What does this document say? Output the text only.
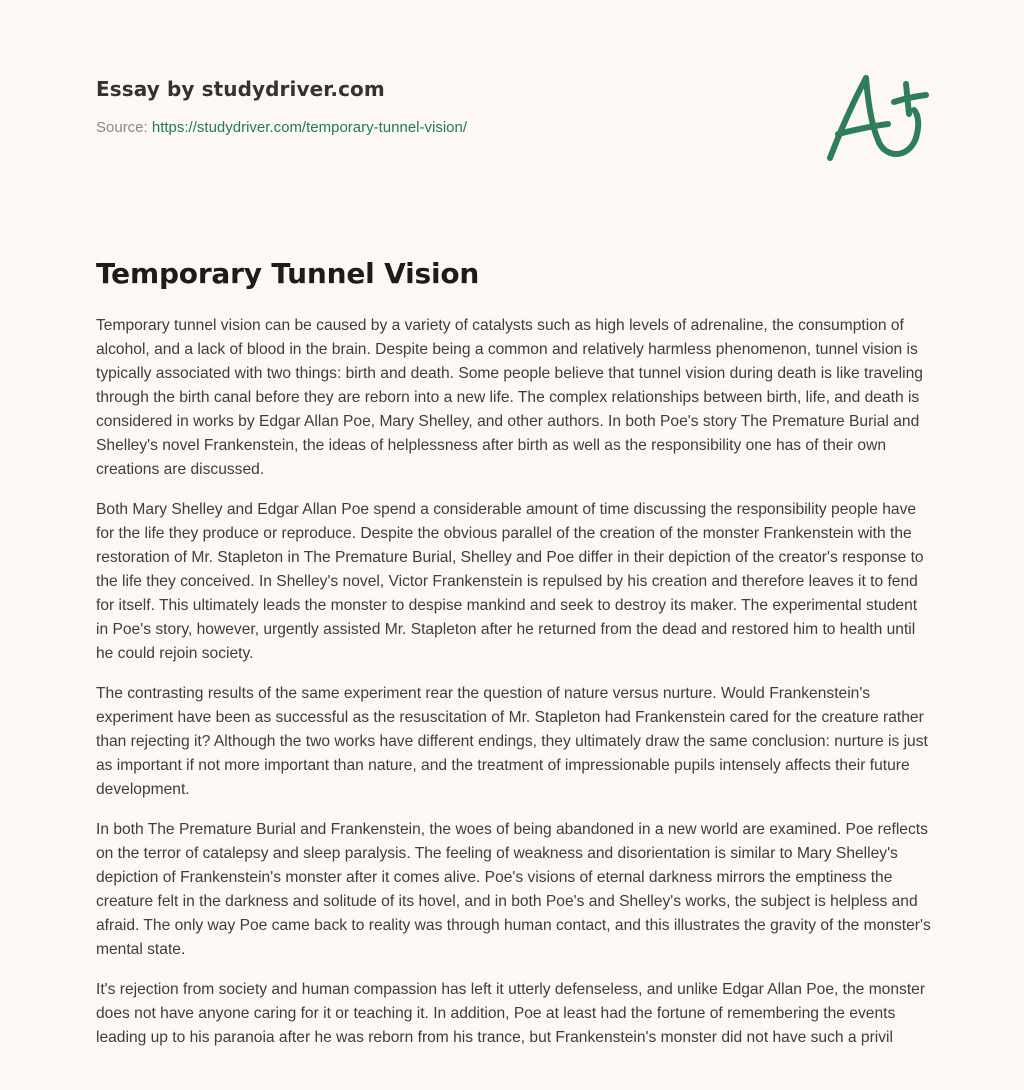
Essay by studydriver.com
Source: https://studydriver.com/temporary-tunnel-vision/
Temporary Tunnel Vision

Temporary tunnel vision can be caused by a variety of catalysts such as high levels of adrenaline, the consumption of alcohol, and a lack of blood in the brain. Despite being a common and relatively harmless phenomenon, tunnel vision is typically associated with two things: birth and death. Some people believe that tunnel vision during death is like traveling through the birth canal before they are reborn into a new life. The complex relationships between birth, life, and death is considered in works by Edgar Allan Poe, Mary Shelley, and other authors. In both Poe's story The Premature Burial and Shelley's novel Frankenstein, the ideas of helplessness after birth as well as the responsibility one has of their own creations are discussed.

Both Mary Shelley and Edgar Allan Poe spend a considerable amount of time discussing the responsibility people have for the life they produce or reproduce. Despite the obvious parallel of the creation of the monster Frankenstein with the restoration of Mr. Stapleton in The Premature Burial, Shelley and Poe differ in their depiction of the creator's response to the life they conceived. In Shelley's novel, Victor Frankenstein is repulsed by his creation and therefore leaves it to fend for itself. This ultimately leads the monster to despise mankind and seek to destroy its maker. The experimental student in Poe's story, however, urgently assisted Mr. Stapleton after he returned from the dead and restored him to health until he could rejoin society.

The contrasting results of the same experiment rear the question of nature versus nurture. Would Frankenstein's experiment have been as successful as the resuscitation of Mr. Stapleton had Frankenstein cared for the creature rather than rejecting it? Although the two works have different endings, they ultimately draw the same conclusion: nurture is just as important if not more important than nature, and the treatment of impressionable pupils intensely affects their future development.

In both The Premature Burial and Frankenstein, the woes of being abandoned in a new world are examined. Poe reflects on the terror of catalepsy and sleep paralysis. The feeling of weakness and disorientation is similar to Mary Shelley's depiction of Frankenstein's monster after it comes alive. Poe's visions of eternal darkness mirrors the emptiness the creature felt in the darkness and solitude of its hovel, and in both Poe's and Shelley's works, the subject is helpless and afraid. The only way Poe came back to reality was through human contact, and this illustrates the gravity of the monster's mental state.

It's rejection from society and human compassion has left it utterly defenseless, and unlike Edgar Allan Poe, the monster does not have anyone caring for it or teaching it. In addition, Poe at least had the fortune of remembering the events leading up to his paranoia after he was reborn from his trance, but Frankenstein's monster did not have such a privil
